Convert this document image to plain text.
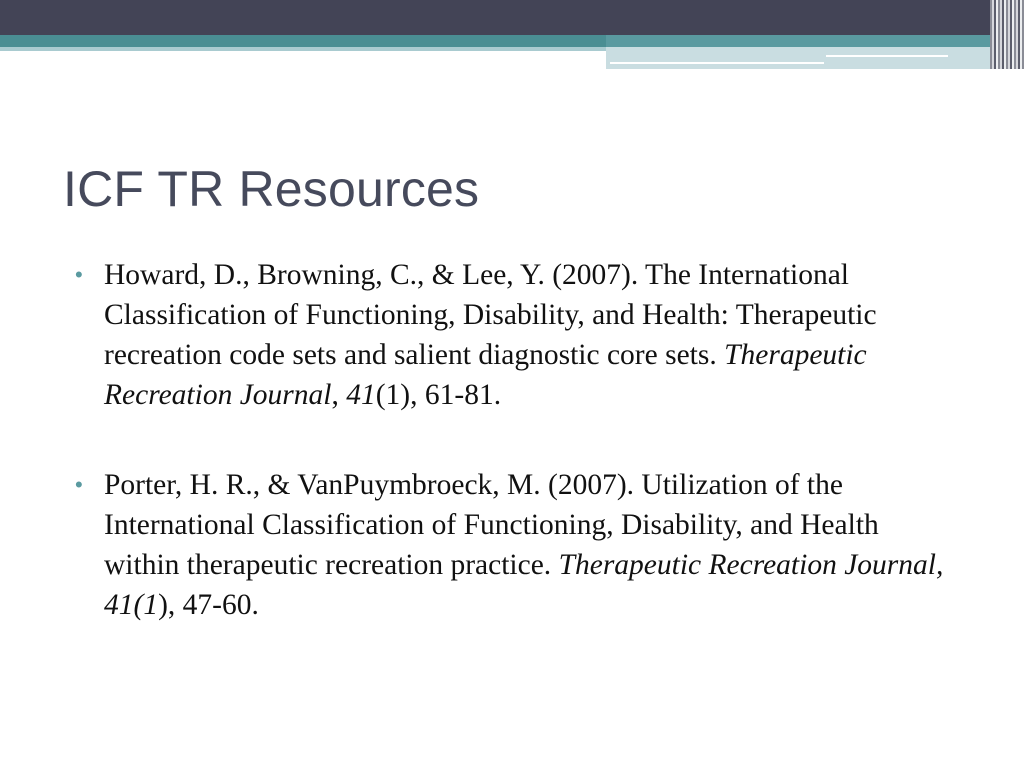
ICF TR Resources
• Howard, D., Browning, C., & Lee, Y. (2007). The International Classification of Functioning, Disability, and Health: Therapeutic recreation code sets and salient diagnostic core sets. Therapeutic Recreation Journal, 41(1), 61-81.
• Porter, H. R., & VanPuymbroeck, M. (2007). Utilization of the International Classification of Functioning, Disability, and Health within therapeutic recreation practice. Therapeutic Recreation Journal, 41(1), 47-60.
